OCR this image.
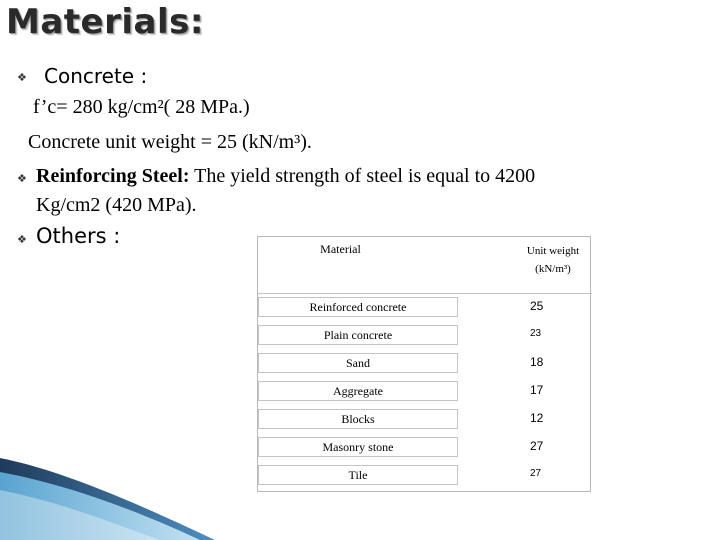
Materials:
❖ Concrete :
f’c= 280 kg/cm²( 28 MPa.)
Concrete unit weight = 25 (kN/m³).
❖ Reinforcing Steel: The yield strength of steel is equal to 4200
Kg/cm2 (420 MPa).
❖ Others :
Material	Unit weight
(kN/m³)
Reinforced concrete	25
Plain concrete	23
Sand	18
Aggregate	17
Blocks	12
Masonry stone	27
Tile	27
